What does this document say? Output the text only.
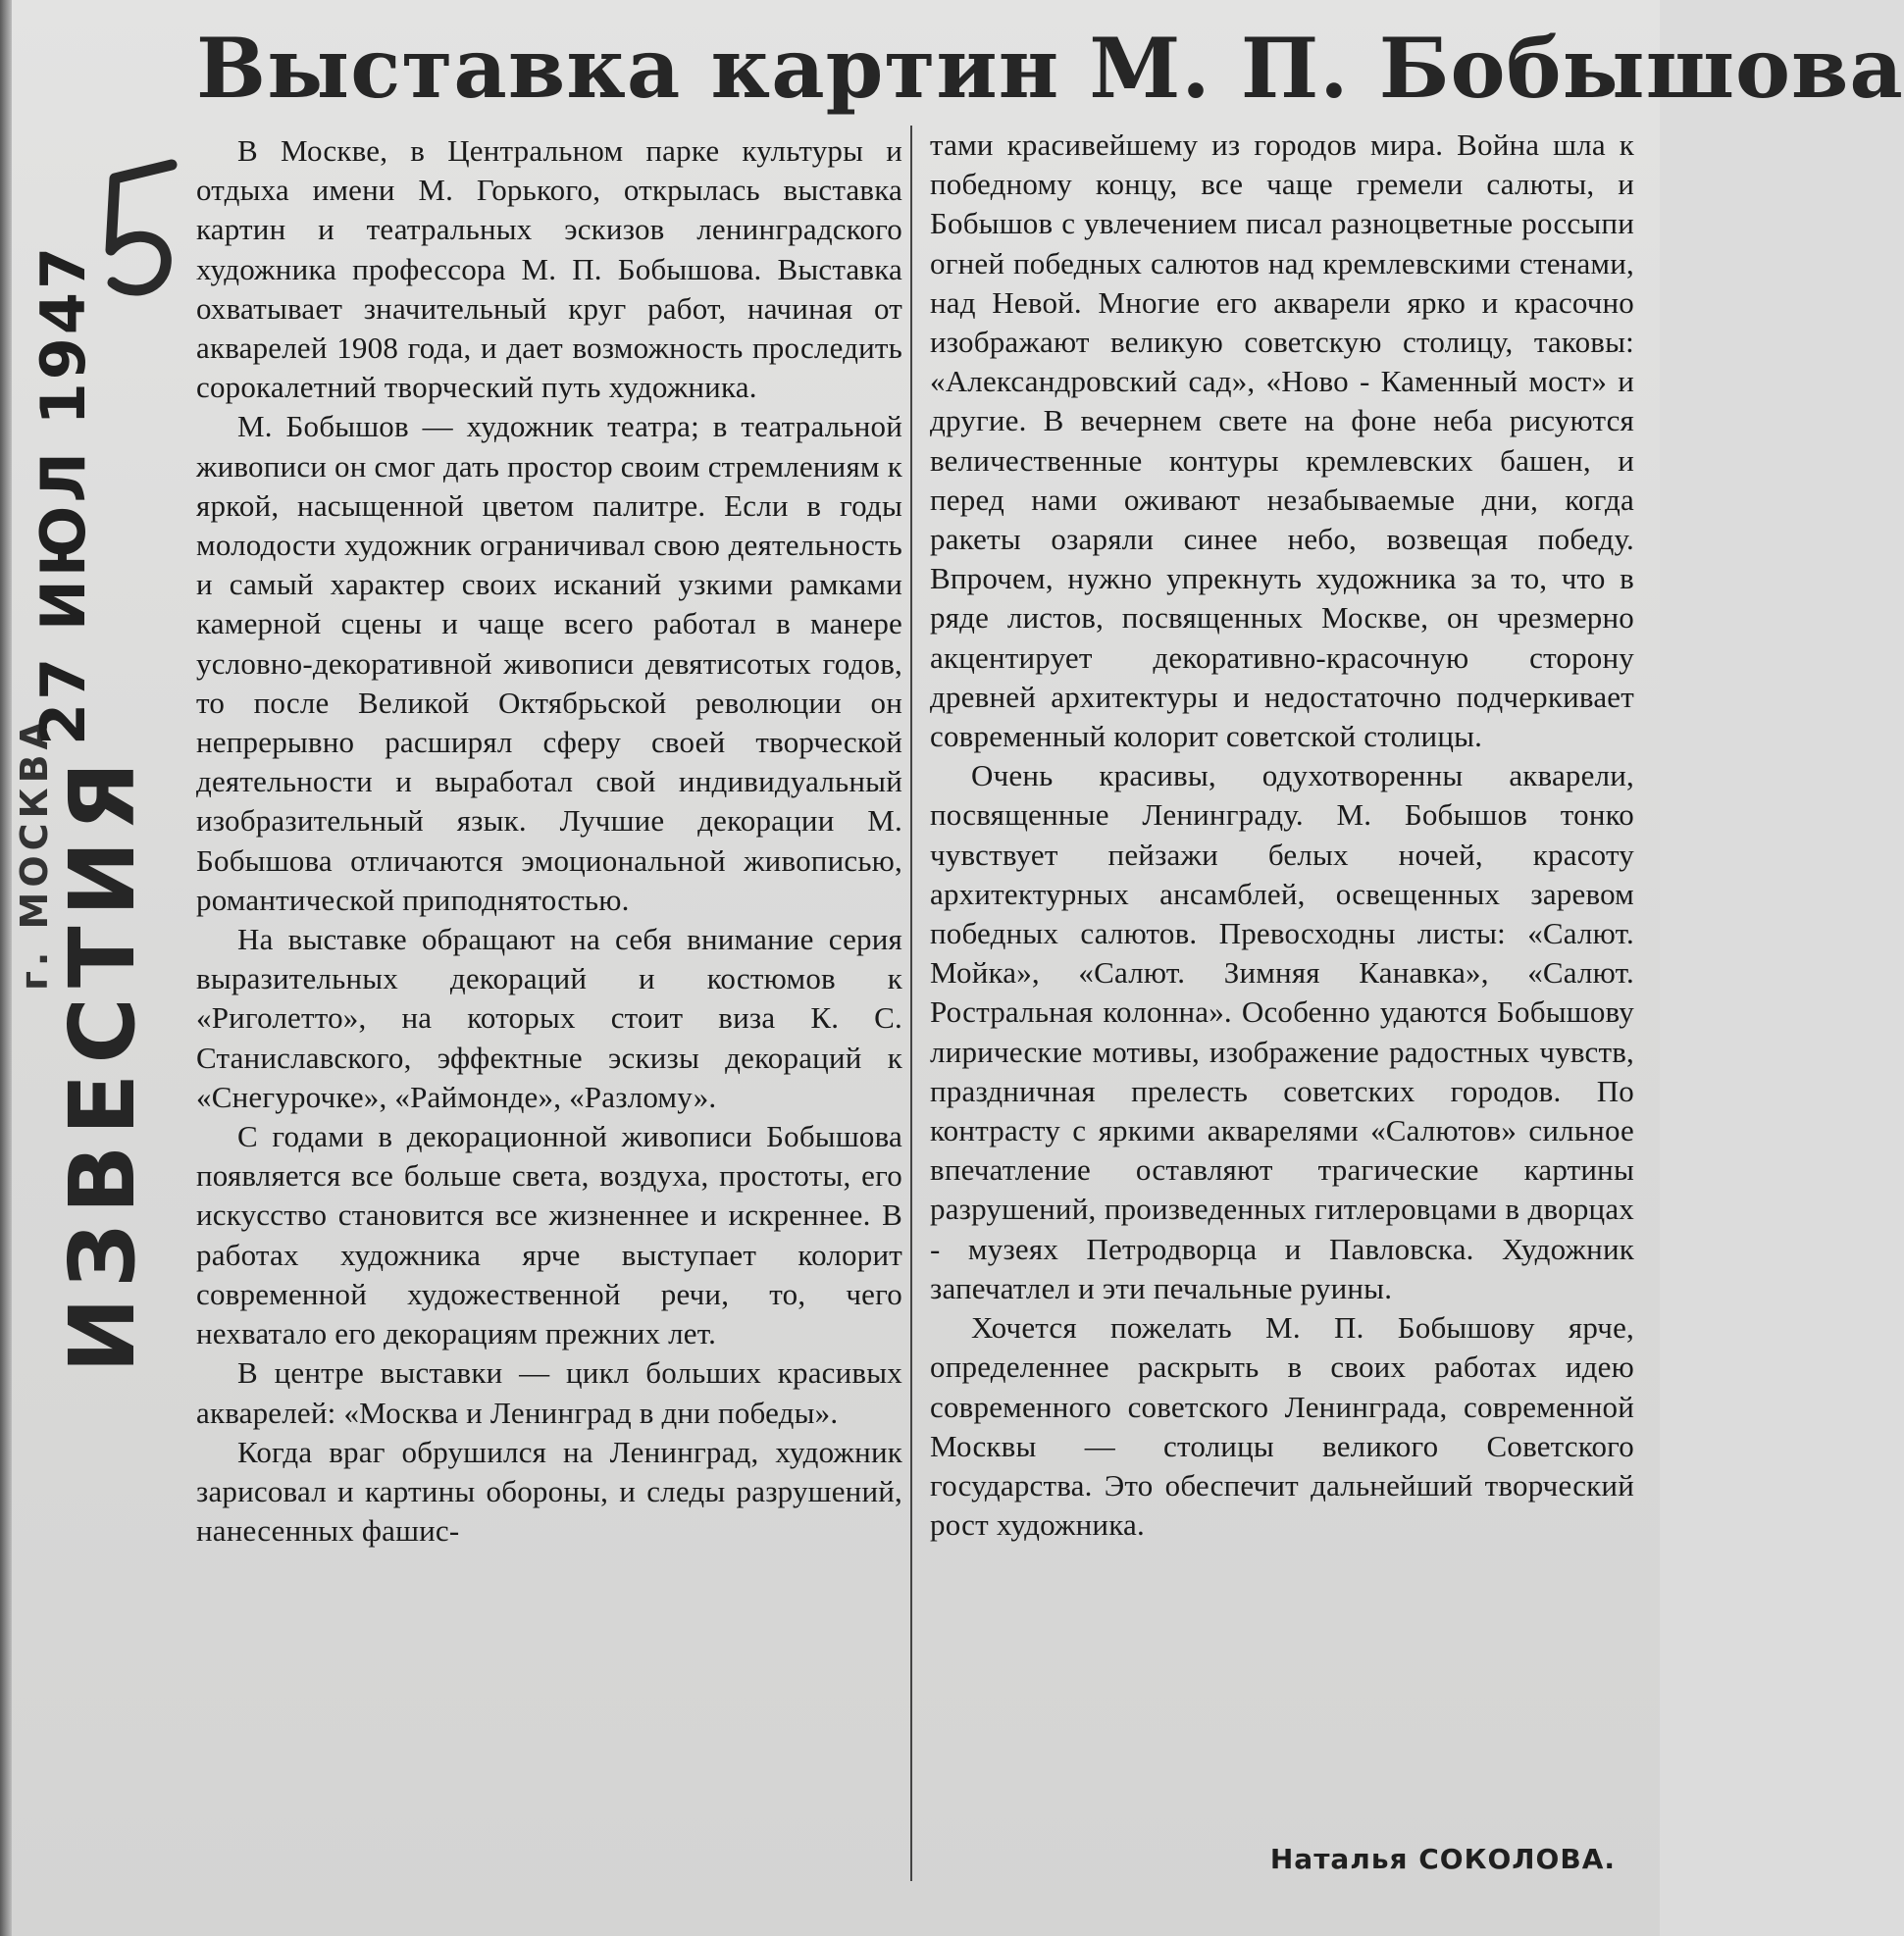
Выставка картин М. П. Бобышова
ИЗВЕСТИЯ
г. МОСКВА
27 ИЮЛ 1947

В Москве, в Центральном парке культуры и отдыха имени М. Горького, открылась выставка картин и театральных эскизов ленинградского художника профессора М. П. Бобышова. Выставка охватывает значительный круг работ, начиная от акварелей 1908 года, и дает возможность проследить сорокалетний творческий путь художника.

М. Бобышов — художник театра; в театральной живописи он смог дать простор своим стремлениям к яркой, насыщенной цветом палитре. Если в годы молодости художник ограничивал свою деятельность и самый характер своих исканий узкими рамками камерной сцены и чаще всего работал в манере условно-декоративной живописи девятисотых годов, то после Великой Октябрьской революции он непрерывно расширял сферу своей творческой деятельности и выработал свой индивидуальный изобразительный язык. Лучшие декорации М. Бобышова отличаются эмоциональной живописью, романтической приподнятостью.

На выставке обращают на себя внимание серия выразительных декораций и костюмов к «Риголетто», на которых стоит виза К. С. Станиславского, эффектные эскизы декораций к «Снегурочке», «Раймонде», «Разлому».

С годами в декорационной живописи Бобышова появляется все больше света, воздуха, простоты, его искусство становится все жизненнее и искреннее. В работах художника ярче выступает колорит современной художественной речи, то, чего нехватало его декорациям прежних лет.

В центре выставки — цикл больших красивых акварелей: «Москва и Ленинград в дни победы».

Когда враг обрушился на Ленинград, художник зарисовал и картины обороны, и следы разрушений, нанесенных фашис-

тами красивейшему из городов мира. Война шла к победному концу, все чаще гремели салюты, и Бобышов с увлечением писал разноцветные россыпи огней победных салютов над кремлевскими стенами, над Невой. Многие его акварели ярко и красочно изображают великую советскую столицу, таковы: «Александровский сад», «Ново - Каменный мост» и другие. В вечернем свете на фоне неба рисуются величественные контуры кремлевских башен, и перед нами оживают незабываемые дни, когда ракеты озаряли синее небо, возвещая победу. Впрочем, нужно упрекнуть художника за то, что в ряде листов, посвященных Москве, он чрезмерно акцентирует декоративно-красочную сторону древней архитектуры и недостаточно подчеркивает современный колорит советской столицы.

Очень красивы, одухотворенны акварели, посвященные Ленинграду. М. Бобышов тонко чувствует пейзажи белых ночей, красоту архитектурных ансамблей, освещенных заревом победных салютов. Превосходны листы: «Салют. Мойка», «Салют. Зимняя Канавка», «Салют. Ростральная колонна». Особенно удаются Бобышову лирические мотивы, изображение радостных чувств, праздничная прелесть советских городов. По контрасту с яркими акварелями «Салютов» сильное впечатление оставляют трагические картины разрушений, произведенных гитлеровцами в дворцах - музеях Петродворца и Павловска. Художник запечатлел и эти печальные руины.

Хочется пожелать М. П. Бобышову ярче, определеннее раскрыть в своих работах идею современного советского Ленинграда, современной Москвы — столицы великого Советского государства. Это обеспечит дальнейший творческий рост художника.

Наталья СОКОЛОВА.
